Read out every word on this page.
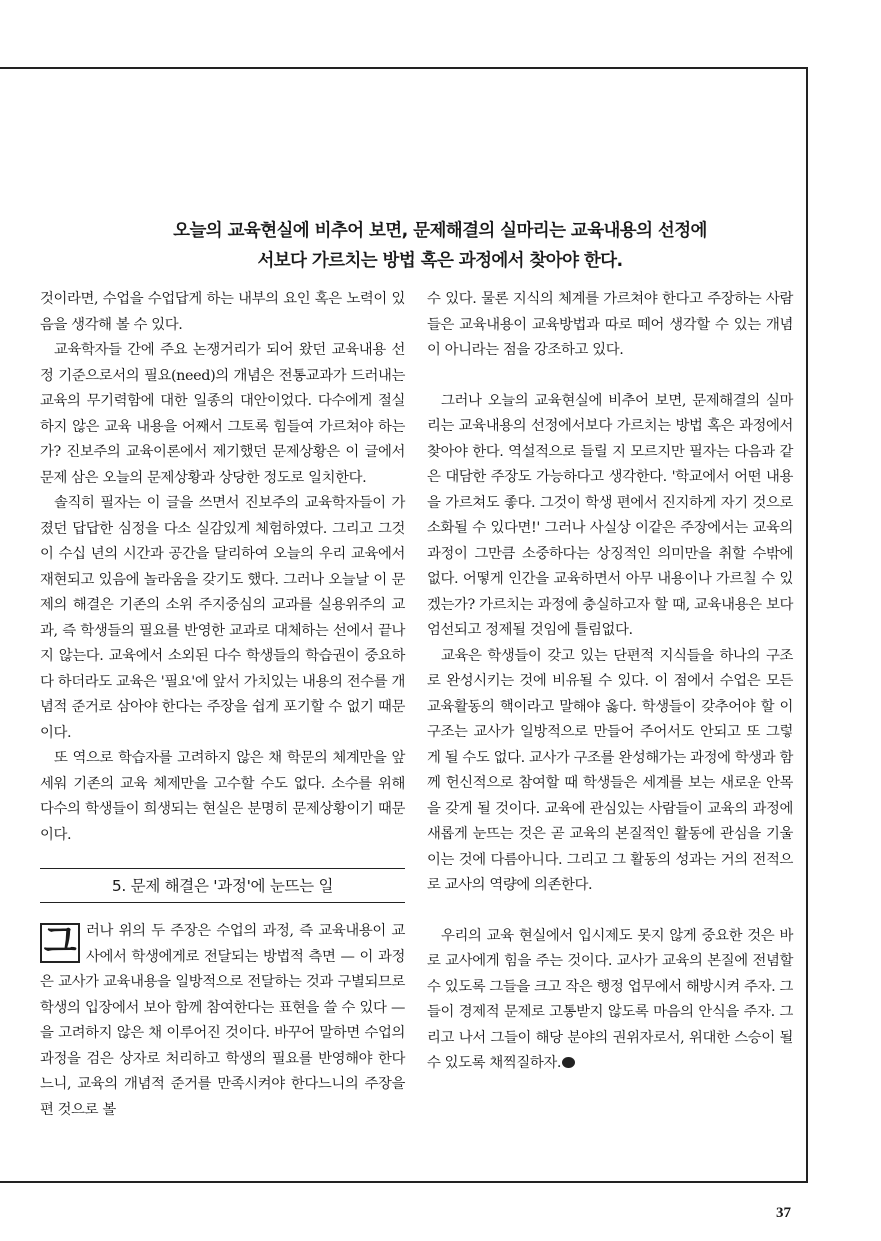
오늘의 교육현실에 비추어 보면, 문제해결의 실마리는 교육내용의 선정에
서보다 가르치는 방법 혹은 과정에서 찾아야 한다.

것이라면, 수업을 수업답게 하는 내부의 요인 혹은 노력이 있음을 생각해 볼 수 있다.

교육학자들 간에 주요 논쟁거리가 되어 왔던 교육내용 선정 기준으로서의 필요(need)의 개념은 전통교과가 드러내는 교육의 무기력함에 대한 일종의 대안이었다. 다수에게 절실하지 않은 교육 내용을 어째서 그토록 힘들여 가르쳐야 하는가? 진보주의 교육이론에서 제기했던 문제상황은 이 글에서 문제 삼은 오늘의 문제상황과 상당한 정도로 일치한다.

솔직히 필자는 이 글을 쓰면서 진보주의 교육학자들이 가졌던 답답한 심정을 다소 실감있게 체험하였다. 그리고 그것이 수십 년의 시간과 공간을 달리하여 오늘의 우리 교육에서 재현되고 있음에 놀라움을 갖기도 했다. 그러나 오늘날 이 문제의 해결은 기존의 소위 주지중심의 교과를 실용위주의 교과, 즉 학생들의 필요를 반영한 교과로 대체하는 선에서 끝나지 않는다. 교육에서 소외된 다수 학생들의 학습권이 중요하다 하더라도 교육은 '필요'에 앞서 가치있는 내용의 전수를 개념적 준거로 삼아야 한다는 주장을 쉽게 포기할 수 없기 때문이다.

또 역으로 학습자를 고려하지 않은 채 학문의 체계만을 앞세워 기존의 교육 체제만을 고수할 수도 없다. 소수를 위해 다수의 학생들이 희생되는 현실은 분명히 문제상황이기 때문이다.

5. 문제 해결은 '과정'에 눈뜨는 일
그 러나 위의 두 주장은 수업의 과정, 즉 교육내용이 교사에서 학생에게로 전달되는 방법적 측면 — 이 과정은 교사가 교육내용을 일방적으로 전달하는 것과 구별되므로 학생의 입장에서 보아 함께 참여한다는 표현을 쓸 수 있다 — 을 고려하지 않은 채 이루어진 것이다. 바꾸어 말하면 수업의 과정을 검은 상자로 처리하고 학생의 필요를 반영해야 한다느니, 교육의 개념적 준거를 만족시켜야 한다느니의 주장을 편 것으로 볼

수 있다. 물론 지식의 체계를 가르쳐야 한다고 주장하는 사람들은 교육내용이 교육방법과 따로 떼어 생각할 수 있는 개념이 아니라는 점을 강조하고 있다.

그러나 오늘의 교육현실에 비추어 보면, 문제해결의 실마리는 교육내용의 선정에서보다 가르치는 방법 혹은 과정에서 찾아야 한다. 역설적으로 들릴 지 모르지만 필자는 다음과 같은 대담한 주장도 가능하다고 생각한다. '학교에서 어떤 내용을 가르쳐도 좋다. 그것이 학생 편에서 진지하게 자기 것으로 소화될 수 있다면!' 그러나 사실상 이같은 주장에서는 교육의 과정이 그만큼 소중하다는 상징적인 의미만을 취할 수밖에 없다. 어떻게 인간을 교육하면서 아무 내용이나 가르칠 수 있겠는가? 가르치는 과정에 충실하고자 할 때, 교육내용은 보다 엄선되고 정제될 것임에 틀림없다.

교육은 학생들이 갖고 있는 단편적 지식들을 하나의 구조로 완성시키는 것에 비유될 수 있다. 이 점에서 수업은 모든 교육활동의 핵이라고 말해야 옳다. 학생들이 갖추어야 할 이 구조는 교사가 일방적으로 만들어 주어서도 안되고 또 그렇게 될 수도 없다. 교사가 구조를 완성해가는 과정에 학생과 함께 헌신적으로 참여할 때 학생들은 세계를 보는 새로운 안목을 갖게 될 것이다. 교육에 관심있는 사람들이 교육의 과정에 새롭게 눈뜨는 것은 곧 교육의 본질적인 활동에 관심을 기울이는 것에 다름아니다. 그리고 그 활동의 성과는 거의 전적으로 교사의 역량에 의존한다.

우리의 교육 현실에서 입시제도 못지 않게 중요한 것은 바로 교사에게 힘을 주는 것이다. 교사가 교육의 본질에 전념할 수 있도록 그들을 크고 작은 행정 업무에서 해방시켜 주자. 그들이 경제적 문제로 고통받지 않도록 마음의 안식을 주자. 그리고 나서 그들이 해당 분야의 권위자로서, 위대한 스승이 될 수 있도록 채찍질하자.

37
